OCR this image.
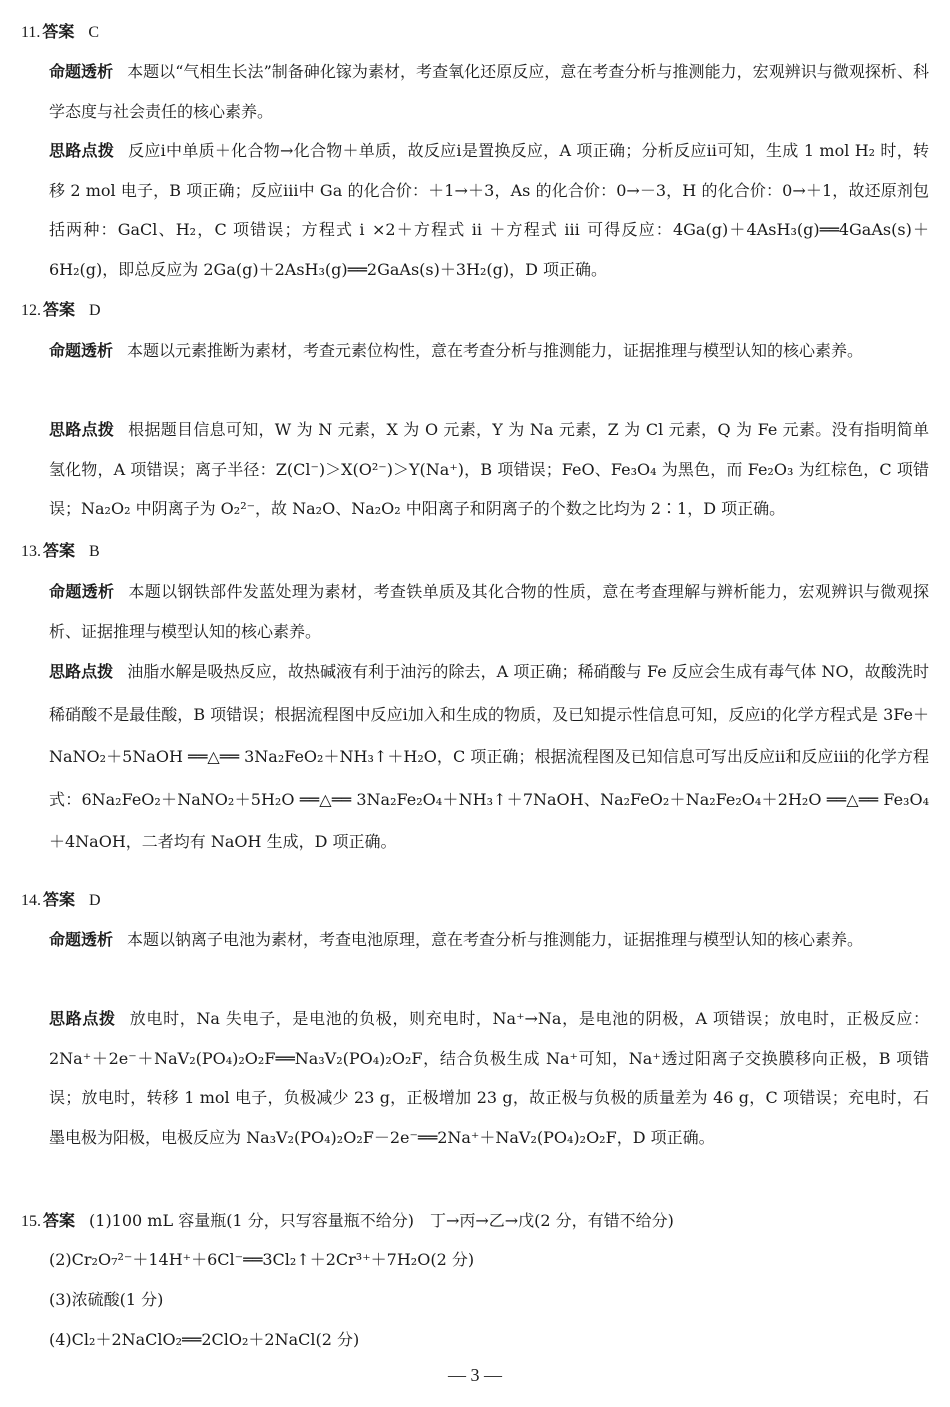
11. 答案 C

命题透析 本题以“气相生长法”制备砷化镓为素材，考查氧化还原反应，意在考查分析与推测能力，宏观辨识与微观探析、科学态度与社会责任的核心素养。

思路点拨 反应ⅰ中单质＋化合物→化合物＋单质，故反应ⅰ是置换反应，A 项正确；分析反应ⅱ可知，生成 1 mol H₂ 时，转移 2 mol 电子，B 项正确；反应ⅲ中 Ga 的化合价：＋1→＋3，As 的化合价：0→－3，H 的化合价：0→＋1，故还原剂包括两种：GaCl、H₂，C 项错误；方程式 ⅰ ×2＋方程式 ⅱ ＋方程式 ⅲ 可得反应：4Ga(g)＋4AsH₃(g)══4GaAs(s)＋6H₂(g)，即总反应为 2Ga(g)＋2AsH₃(g)══2GaAs(s)＋3H₂(g)，D 项正确。

12. 答案 D

命题透析 本题以元素推断为素材，考查元素位构性，意在考查分析与推测能力，证据推理与模型认知的核心素养。

思路点拨 根据题目信息可知，W 为 N 元素，X 为 O 元素，Y 为 Na 元素，Z 为 Cl 元素，Q 为 Fe 元素。没有指明简单氢化物，A 项错误；离子半径：Z(Cl⁻)＞X(O²⁻)＞Y(Na⁺)，B 项错误；FeO、Fe₃O₄ 为黑色，而 Fe₂O₃ 为红棕色，C 项错误；Na₂O₂ 中阴离子为 O₂²⁻，故 Na₂O、Na₂O₂ 中阳离子和阴离子的个数之比均为 2∶1，D 项正确。

13. 答案 B

命题透析 本题以钢铁部件发蓝处理为素材，考查铁单质及其化合物的性质，意在考查理解与辨析能力，宏观辨识与微观探析、证据推理与模型认知的核心素养。

思路点拨 油脂水解是吸热反应，故热碱液有利于油污的除去，A 项正确；稀硝酸与 Fe 反应会生成有毒气体 NO，故酸洗时稀硝酸不是最佳酸，B 项错误；根据流程图中反应ⅰ加入和生成的物质，及已知提示性信息可知，反应ⅰ的化学方程式是 3Fe＋NaNO₂＋5NaOH ══△══ 3Na₂FeO₂＋NH₃↑＋H₂O，C 项正确；根据流程图及已知信息可写出反应ⅱ和反应ⅲ的化学方程式：6Na₂FeO₂＋NaNO₂＋5H₂O ══△══ 3Na₂Fe₂O₄＋NH₃↑＋7NaOH、Na₂FeO₂＋Na₂Fe₂O₄＋2H₂O ══△══ Fe₃O₄＋4NaOH，二者均有 NaOH 生成，D 项正确。

14. 答案 D

命题透析 本题以钠离子电池为素材，考查电池原理，意在考查分析与推测能力，证据推理与模型认知的核心素养。

思路点拨 放电时，Na 失电子，是电池的负极，则充电时，Na⁺→Na，是电池的阴极，A 项错误；放电时，正极反应：2Na⁺＋2e⁻＋NaV₂(PO₄)₂O₂F══Na₃V₂(PO₄)₂O₂F，结合负极生成 Na⁺可知，Na⁺透过阳离子交换膜移向正极，B 项错误；放电时，转移 1 mol 电子，负极减少 23 g，正极增加 23 g，故正极与负极的质量差为 46 g，C 项错误；充电时，石墨电极为阳极，电极反应为 Na₃V₂(PO₄)₂O₂F－2e⁻══2Na⁺＋NaV₂(PO₄)₂O₂F，D 项正确。

15. 答案 (1)100 mL 容量瓶(1 分，只写容量瓶不给分)　丁→丙→乙→戊(2 分，有错不给分)
(2)Cr₂O₇²⁻＋14H⁺＋6Cl⁻══3Cl₂↑＋2Cr³⁺＋7H₂O(2 分)
(3)浓硫酸(1 分)
(4)Cl₂＋2NaClO₂══2ClO₂＋2NaCl(2 分)
— 3 —
